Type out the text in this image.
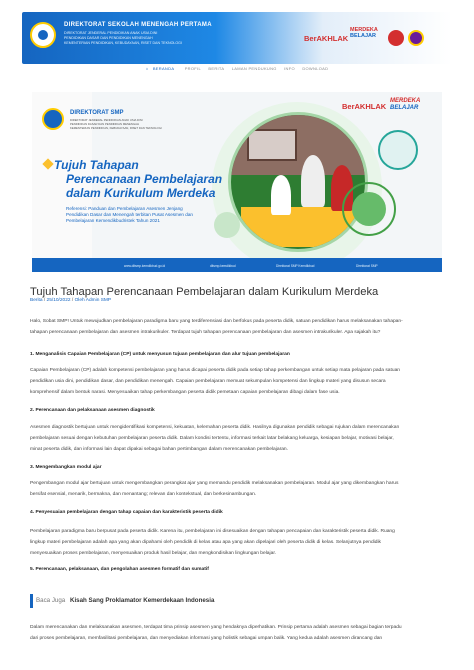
DIREKTORAT SEKOLAH MENENGAH PERTAMA
DIREKTORAT JENDERAL PENDIDIKAN ANAK USIA DINI
PENDIDIKAN DASAR DAN PENDIDIKAN MENENGAH
KEMENTERIAN PENDIDIKAN, KEBUDAYAAN, RISET DAN TEKNOLOGI	BerAKHLAK
MERDEKA
BELAJAR
⌂ BERANDA	PROFIL BERITA LAMAN PENDUKUNG INFO DOWNLOAD
DIREKTORAT SMP
DIREKTORAT JENDERAL PENDIDIKAN ANAK USIA DINI
PENDIDIKAN DASAR DAN PENDIDIKAN MENENGAH
KEMENTERIAN PENDIDIKAN, KEBUDAYAAN, RISET DAN TEKNOLOGI
BerAKHLAK
MERDEKA
BELAJAR
Tujuh Tahapan
Perencanaan Pembelajaran
dalam Kurikulum Merdeka
Referensi: Panduan dan Pembelajaran Asesmen Jenjang Pendidikan Dasar dan Menengah terbitan Pusat Asesmen dan Pembelajaran Kemendikbudristek Tahun 2021
www.ditsmp.kemdikbud.go.id	ditsmp.kemdikbud	Direktorat SMP Kemdikbud	Direktorat SMP
Tujuh Tahapan Perencanaan Pembelajaran dalam Kurikulum Merdeka
Berita / 25/10/2022 / Oleh Admin SMP
Halo, Sobat SMP! Untuk mewujudkan pembelajaran paradigma baru yang terdiferensiasi dan berfokus pada peserta didik, satuan pendidikan harus melaksanakan tahapan-
tahapan perencanaan pembelajaran dan asesmen intrakurikuler. Terdapat tujuh tahapan perencanaan pembelajaran dan asesmen intrakurikuler. Apa sajakah itu?
1. Menganalisis Capaian Pembelajaran (CP) untuk menyusun tujuan pembelajaran dan alur tujuan pembelajaran
Capaian Pembelajaran (CP) adalah kompetensi pembelajaran yang harus dicapai peserta didik pada setiap tahap perkembangan untuk setiap mata pelajaran pada satuan
pendidikan usia dini, pendidikan dasar, dan pendidikan menengah. Capaian pembelajaran memuat sekumpulan kompetensi dan lingkup materi yang disusun secara
komprehensif dalam bentuk narasi. Menyesuaikan tahap perkembangan peserta didik pemetaan capaian pembelajaran dibagi dalam fase usia.
2. Perencanaan dan pelaksanaan asesmen diagnostik
Asesmen diagnostik bertujuan untuk mengidentifikasi kompetensi, kekuatan, kelemahan peserta didik. Hasilnya digunakan pendidik sebagai rujukan dalam merencanakan
pembelajaran sesuai dengan kebutuhan pembelajaran peserta didik. Dalam kondisi tertentu, informasi terkait latar belakang keluarga, kesiapan belajar, motivasi belajar,
minat peserta didik, dan informasi lain dapat dipakai sebagai bahan pertimbangan dalam merencanakan pembelajaran.
3. Mengembangkan modul ajar
Pengembangan modul ajar bertujuan untuk mengembangkan perangkat ajar yang memandu pendidik melaksanakan pembelajaran. Modul ajar yang dikembangkan harus
bersifat esensial, menarik, bermakna, dan menantang; relevan dan kontekstual, dan berkesinambungan.
4. Penyesuaian pembelajaran dengan tahap capaian dan karakteristik peserta didik
Pembelajaran paradigma baru berpusat pada peserta didik. Karena itu, pembelajaran ini disesuaikan dengan tahapan pencapaian dan karakteristik peserta didik. Ruang
lingkup materi pembelajaran adalah apa yang akan dipahami oleh pendidik di kelas atau apa yang akan dipelajari oleh peserta didik di kelas. Selanjutnya pendidik
menyesuaikan proses pembelajaran, menyesuaikan produk hasil belajar, dan mengkondisikan lingkungan belajar.
5. Perencanaan, pelaksanaan, dan pengolahan asesmen formatif dan sumatif
Baca Juga Kisah Sang Proklamator Kemerdekaan Indonesia
Dalam merencanakan dan melaksanakan asesmen, terdapat tima prinsip asesmen yang hendaknya diperhatikan. Prinsip pertama adalah asesmen sebagai bagian terpadu
dari proses pembelajaran, memfasilitasi pembelajaran, dan menyediakan informasi yang holistik sebagai umpan balik. Yang kedua adalah asesmen dirancang dan
